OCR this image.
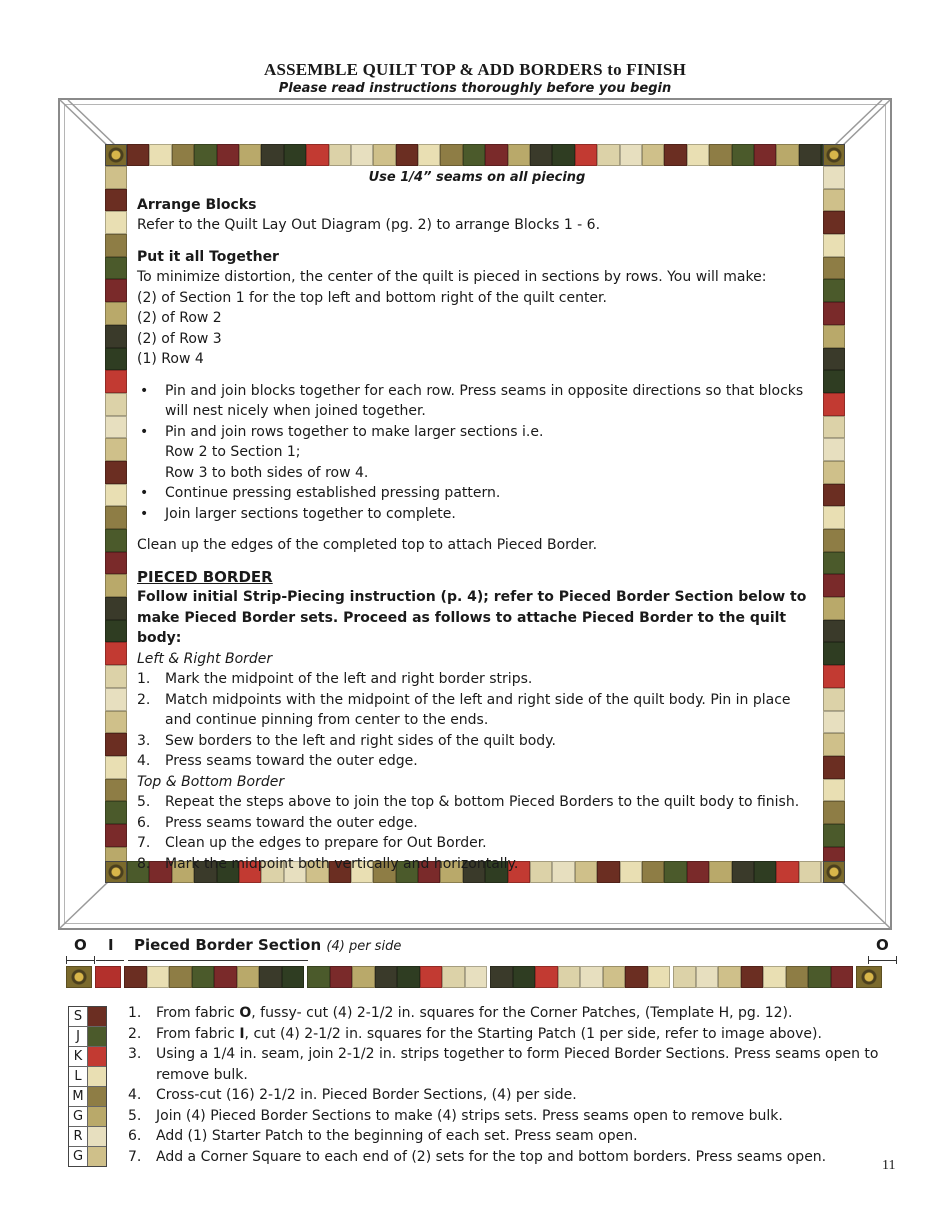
ASSEMBLE QUILT TOP & ADD BORDERS to FINISH
Please read instructions thoroughly before you begin

Use 1/4” seams on all piecing

Arrange Blocks

Refer to the Quilt Lay Out Diagram (pg. 2) to arrange Blocks 1 - 6.

Put it all Together

To minimize distortion, the center of the quilt is pieced in sections by rows. You will make:

(2) of Section 1 for the top left and bottom right of the quilt center.

(2) of Row 2

(2) of Row 3

(1) Row 4

• Pin and join blocks together for each row. Press seams in opposite directions so that blocks will nest nicely when joined together.
• Pin and join rows together to make larger sections i.e.
Row 2 to Section 1;
Row 3 to both sides of row 4.
• Continue pressing established pressing pattern.
• Join larger sections together to complete.

Clean up the edges of the completed top to attach Pieced Border.

PIECED BORDER

Follow initial Strip-Piecing instruction (p. 4); refer to Pieced Border Section below to make Pieced Border sets. Proceed as follows to attache Pieced Border to the quilt body:

Left & Right Border

1. Mark the midpoint of the left and right border strips.
2. Match midpoints with the midpoint of the left and right side of the quilt body. Pin in place and continue pinning from center to the ends.
3. Sew borders to the left and right sides of the quilt body.
4. Press seams toward the outer edge.

Top & Bottom Border

5. Repeat the steps above to join the top & bottom Pieced Borders to the quilt body to finish.
6. Press seams toward the outer edge.
7. Clean up the edges to prepare for Out Border.
8. Mark the midpoint both vertically and horizontally.
O I Pieced Border Section (4) per side	O
S
J
K
L
M
G
R
G
1. From fabric O, fussy- cut (4) 2-1/2 in. squares for the Corner Patches, (Template H, pg. 12).
2. From fabric I, cut (4) 2-1/2 in. squares for the Starting Patch (1 per side, refer to image above).
3. Using a 1/4 in. seam, join 2-1/2 in. strips together to form Pieced Border Sections. Press seams open to remove bulk.
4. Cross-cut (16) 2-1/2 in. Pieced Border Sections, (4) per side.
5. Join (4) Pieced Border Sections to make (4) strips sets. Press seams open to remove bulk.
6. Add (1) Starter Patch to the beginning of each set. Press seam open.
7. Add a Corner Square to each end of (2) sets for the top and bottom borders. Press seams open.
11
